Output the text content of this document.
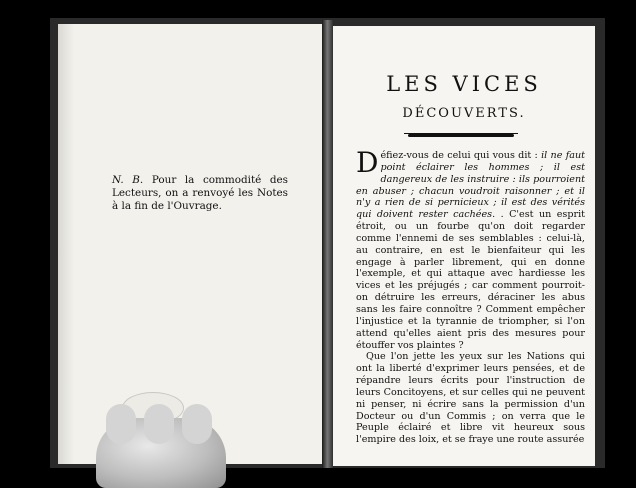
N. B. Pour la commodité des Lecteurs, on a renvoyé les Notes à la fin de l'Ouvrage.
LES VICES
DÉCOUVERTS.

Défiez-vous de celui qui vous dit : il ne faut point éclairer les hommes ; il est dangereux de les instruire : ils pourroient en abuser ; chacun voudroit raisonner ; et il n'y a rien de si pernicieux ; il est des vérités qui doivent rester cachées. . C'est un esprit étroit, ou un fourbe qu'on doit regarder comme l'ennemi de ses semblables : celui-là, au contraire, en est le bienfaiteur qui les engage à parler librement, qui en donne l'exemple, et qui attaque avec hardiesse les vices et les préjugés ; car comment pourroit-on détruire les erreurs, déraciner les abus sans les faire connoître ? Comment empêcher l'injustice et la tyrannie de triompher, si l'on attend qu'elles aient pris des mesures pour étouffer vos plaintes ?

Que l'on jette les yeux sur les Nations qui ont la liberté d'exprimer leurs pensées, et de répandre leurs écrits pour l'instruction de leurs Concitoyens, et sur celles qui ne peuvent ni penser, ni écrire sans la permission d'un Docteur ou d'un Commis ; on verra que le Peuple éclairé et libre vit heureux sous l'empire des loix, et se fraye une route assurée
